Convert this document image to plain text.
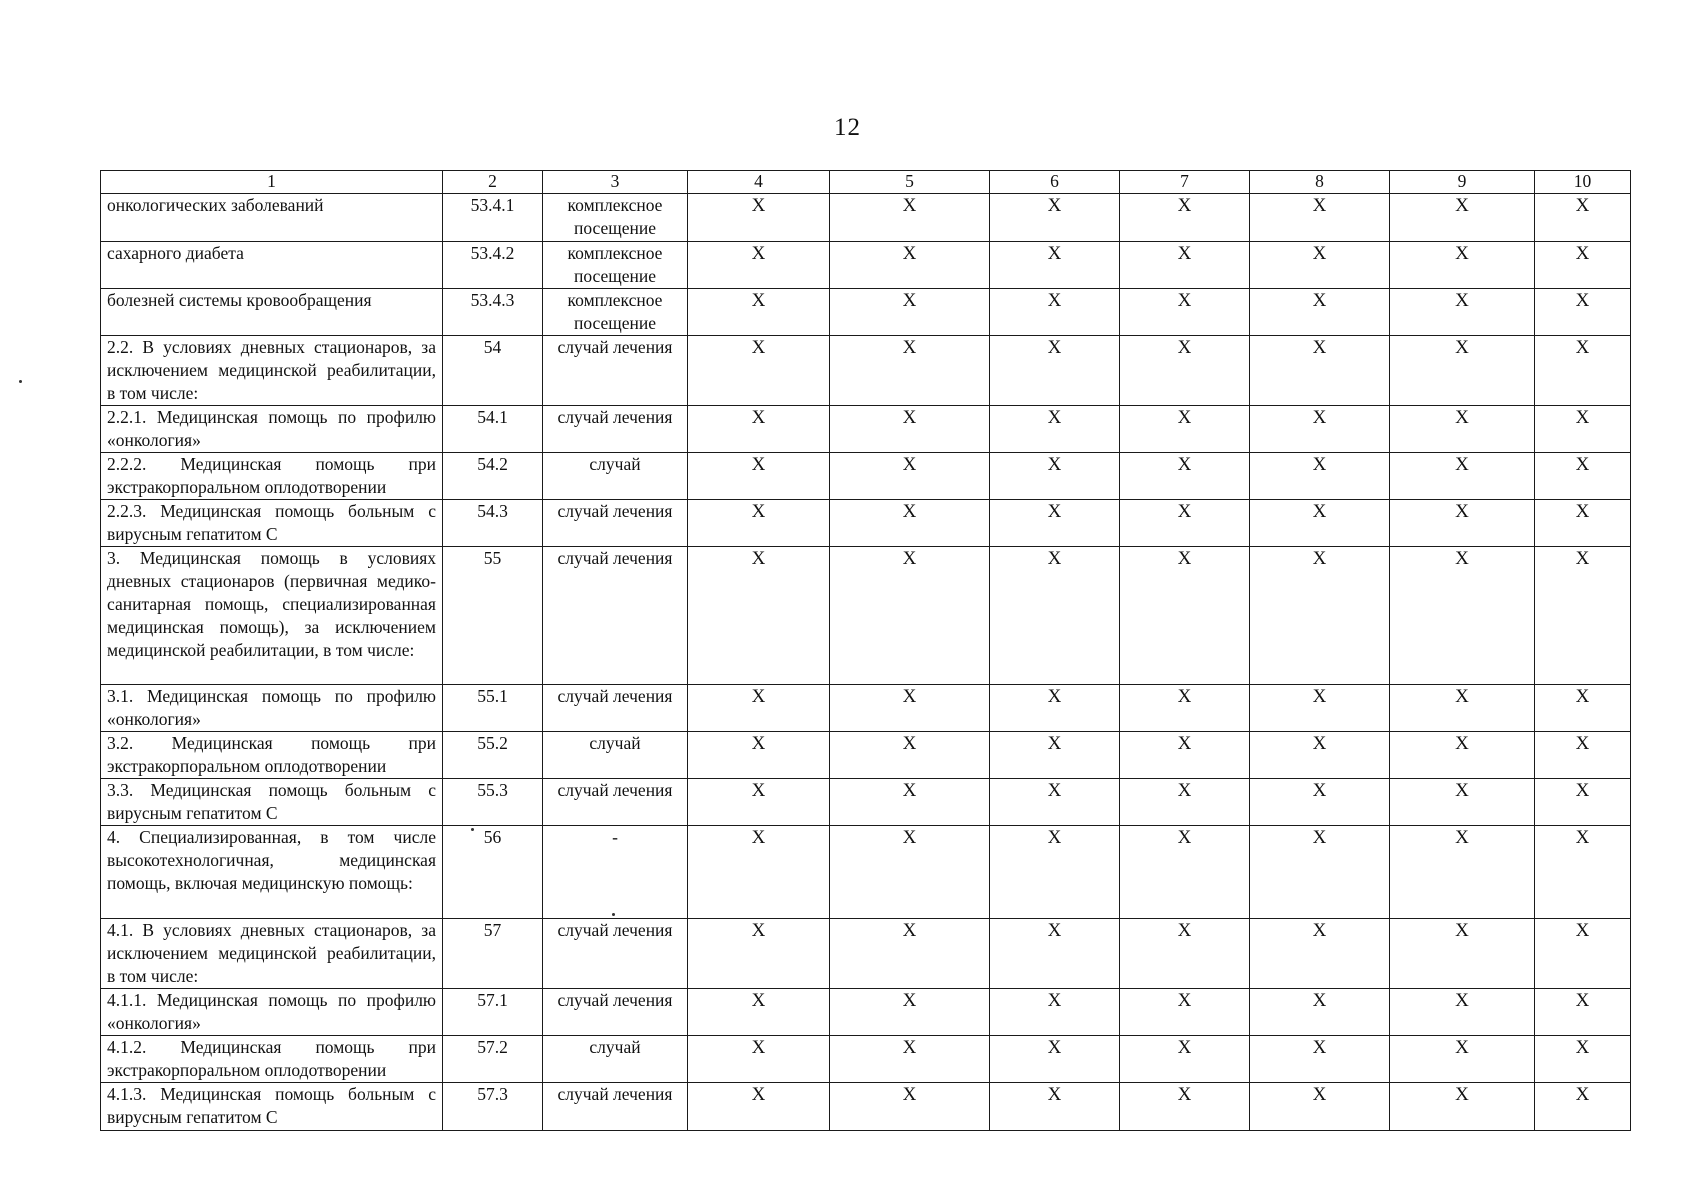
12
1	2	3	4	5	6	7	8	9	10
онкологических заболеваний	53.4.1	комплексное посещение	X	X	X	X	X	X	X
сахарного диабета	53.4.2	комплексное посещение	X	X	X	X	X	X	X
болезней системы кровообращения	53.4.3	комплексное посещение	X	X	X	X	X	X	X
2.2. В условиях дневных стационаров, за исключением медицинской реабилитации, в том числе:	54	случай лечения	X	X	X	X	X	X	X
2.2.1. Медицинская помощь по профилю «онкология»	54.1	случай лечения	X	X	X	X	X	X	X
2.2.2. Медицинская помощь при экстракорпоральном оплодотворении	54.2	случай	X	X	X	X	X	X	X
2.2.3. Медицинская помощь больным с вирусным гепатитом С	54.3	случай лечения	X	X	X	X	X	X	X
3. Медицинская помощь в условиях дневных стационаров (первичная медико-санитарная помощь, специализированная медицинская помощь), за исключением медицинской реабилитации, в том числе:	55	случай лечения	X	X	X	X	X	X	X
3.1. Медицинская помощь по профилю «онкология»	55.1	случай лечения	X	X	X	X	X	X	X
3.2. Медицинская помощь при экстракорпоральном оплодотворении	55.2	случай	X	X	X	X	X	X	X
3.3. Медицинская помощь больным с вирусным гепатитом С	55.3	случай лечения	X	X	X	X	X	X	X
4. Специализированная, в том числе высокотехнологичная, медицинская помощь, включая медицинскую помощь:	56	-	X	X	X	X	X	X	X
4.1. В условиях дневных стационаров, за исключением медицинской реабилитации, в том числе:	57	случай лечения	X	X	X	X	X	X	X
4.1.1. Медицинская помощь по профилю «онкология»	57.1	случай лечения	X	X	X	X	X	X	X
4.1.2. Медицинская помощь при экстракорпоральном оплодотворении	57.2	случай	X	X	X	X	X	X	X
4.1.3. Медицинская помощь больным с вирусным гепатитом С	57.3	случай лечения	X	X	X	X	X	X	X
